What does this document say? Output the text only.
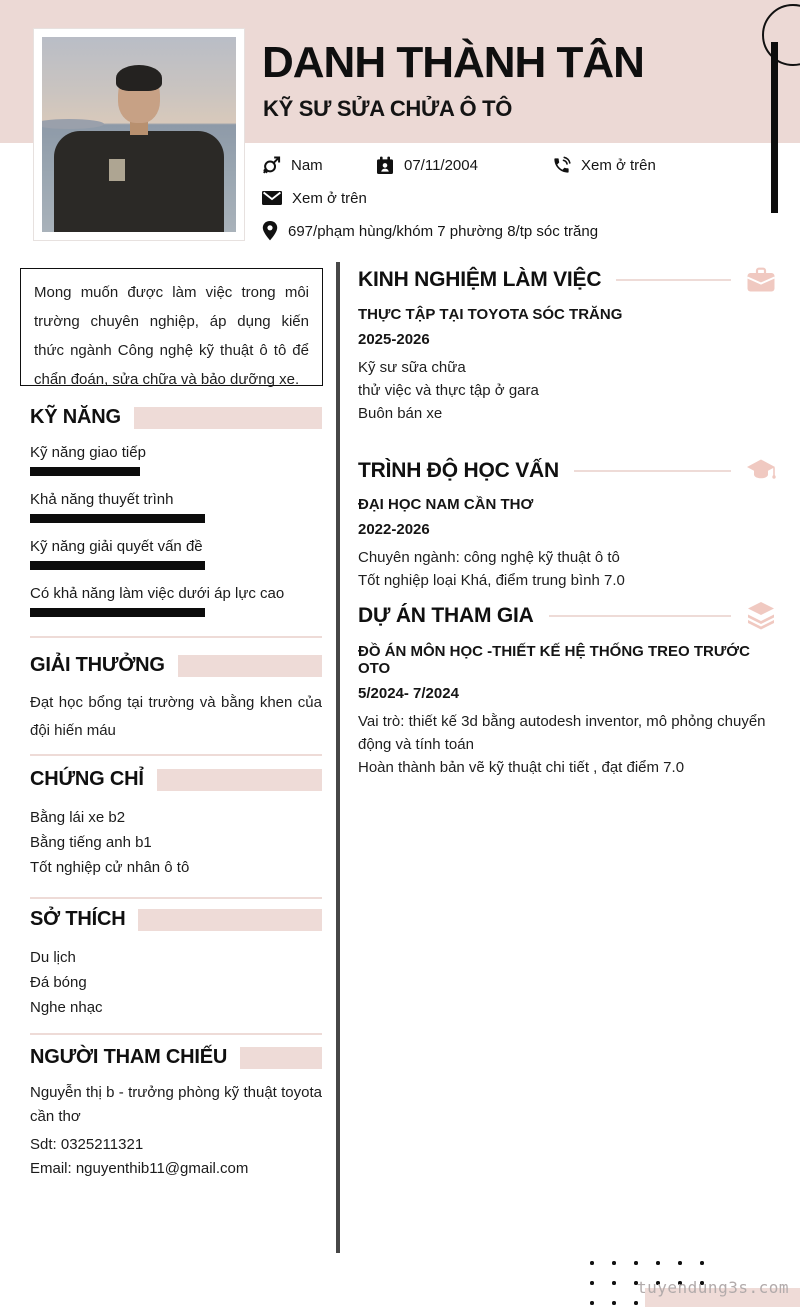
DANH THÀNH TÂN
KỸ SƯ SỬA CHỬA Ô TÔ
Nam	07/11/2004	Xem ở trên
Xem ở trên
697/phạm hùng/khóm 7 phường 8/tp sóc trăng
Mong muốn được làm việc trong môi trường chuyên nghiệp, áp dụng kiến thức ngành Công nghệ kỹ thuật ô tô để chẩn đoán, sửa chữa và bảo dưỡng xe.
KỸ NĂNG
Kỹ năng giao tiếp
Khả năng thuyết trình
Kỹ năng giải quyết vấn đề
Có khả năng làm việc dưới áp lực cao
GIẢI THƯỞNG
Đạt học bổng tại trường và bằng khen của đội hiến máu
CHỨNG CHỈ
Bằng lái xe b2
Bằng tiếng anh b1
Tốt nghiệp cử nhân ô tô
SỞ THÍCH
Du lịch
Đá bóng
Nghe nhạc
NGƯỜI THAM CHIẾU
Nguyễn thị b - trưởng phòng kỹ thuật toyota cần thơ
Sdt: 0325211321
Email: nguyenthib11@gmail.com
KINH NGHIỆM LÀM VIỆC
THỰC TẬP TẠI TOYOTA SÓC TRĂNG
2025-2026
Kỹ sư sữa chữa
thử việc và thực tập ở gara
Buôn bán xe
TRÌNH ĐỘ HỌC VẤN
ĐẠI HỌC NAM CẦN THƠ
2022-2026
Chuyên ngành: công nghệ kỹ thuật ô tô
Tốt nghiệp loại Khá, điểm trung bình 7.0
DỰ ÁN THAM GIA
ĐỒ ÁN MÔN HỌC -THIẾT KẾ HỆ THỐNG TREO TRƯỚC OTO
5/2024- 7/2024
Vai trò: thiết kế 3d bằng autodesh inventor, mô phỏng chuyển động và tính toán
Hoàn thành bản vẽ kỹ thuật chi tiết , đạt điểm 7.0
tuyendung3s.com
